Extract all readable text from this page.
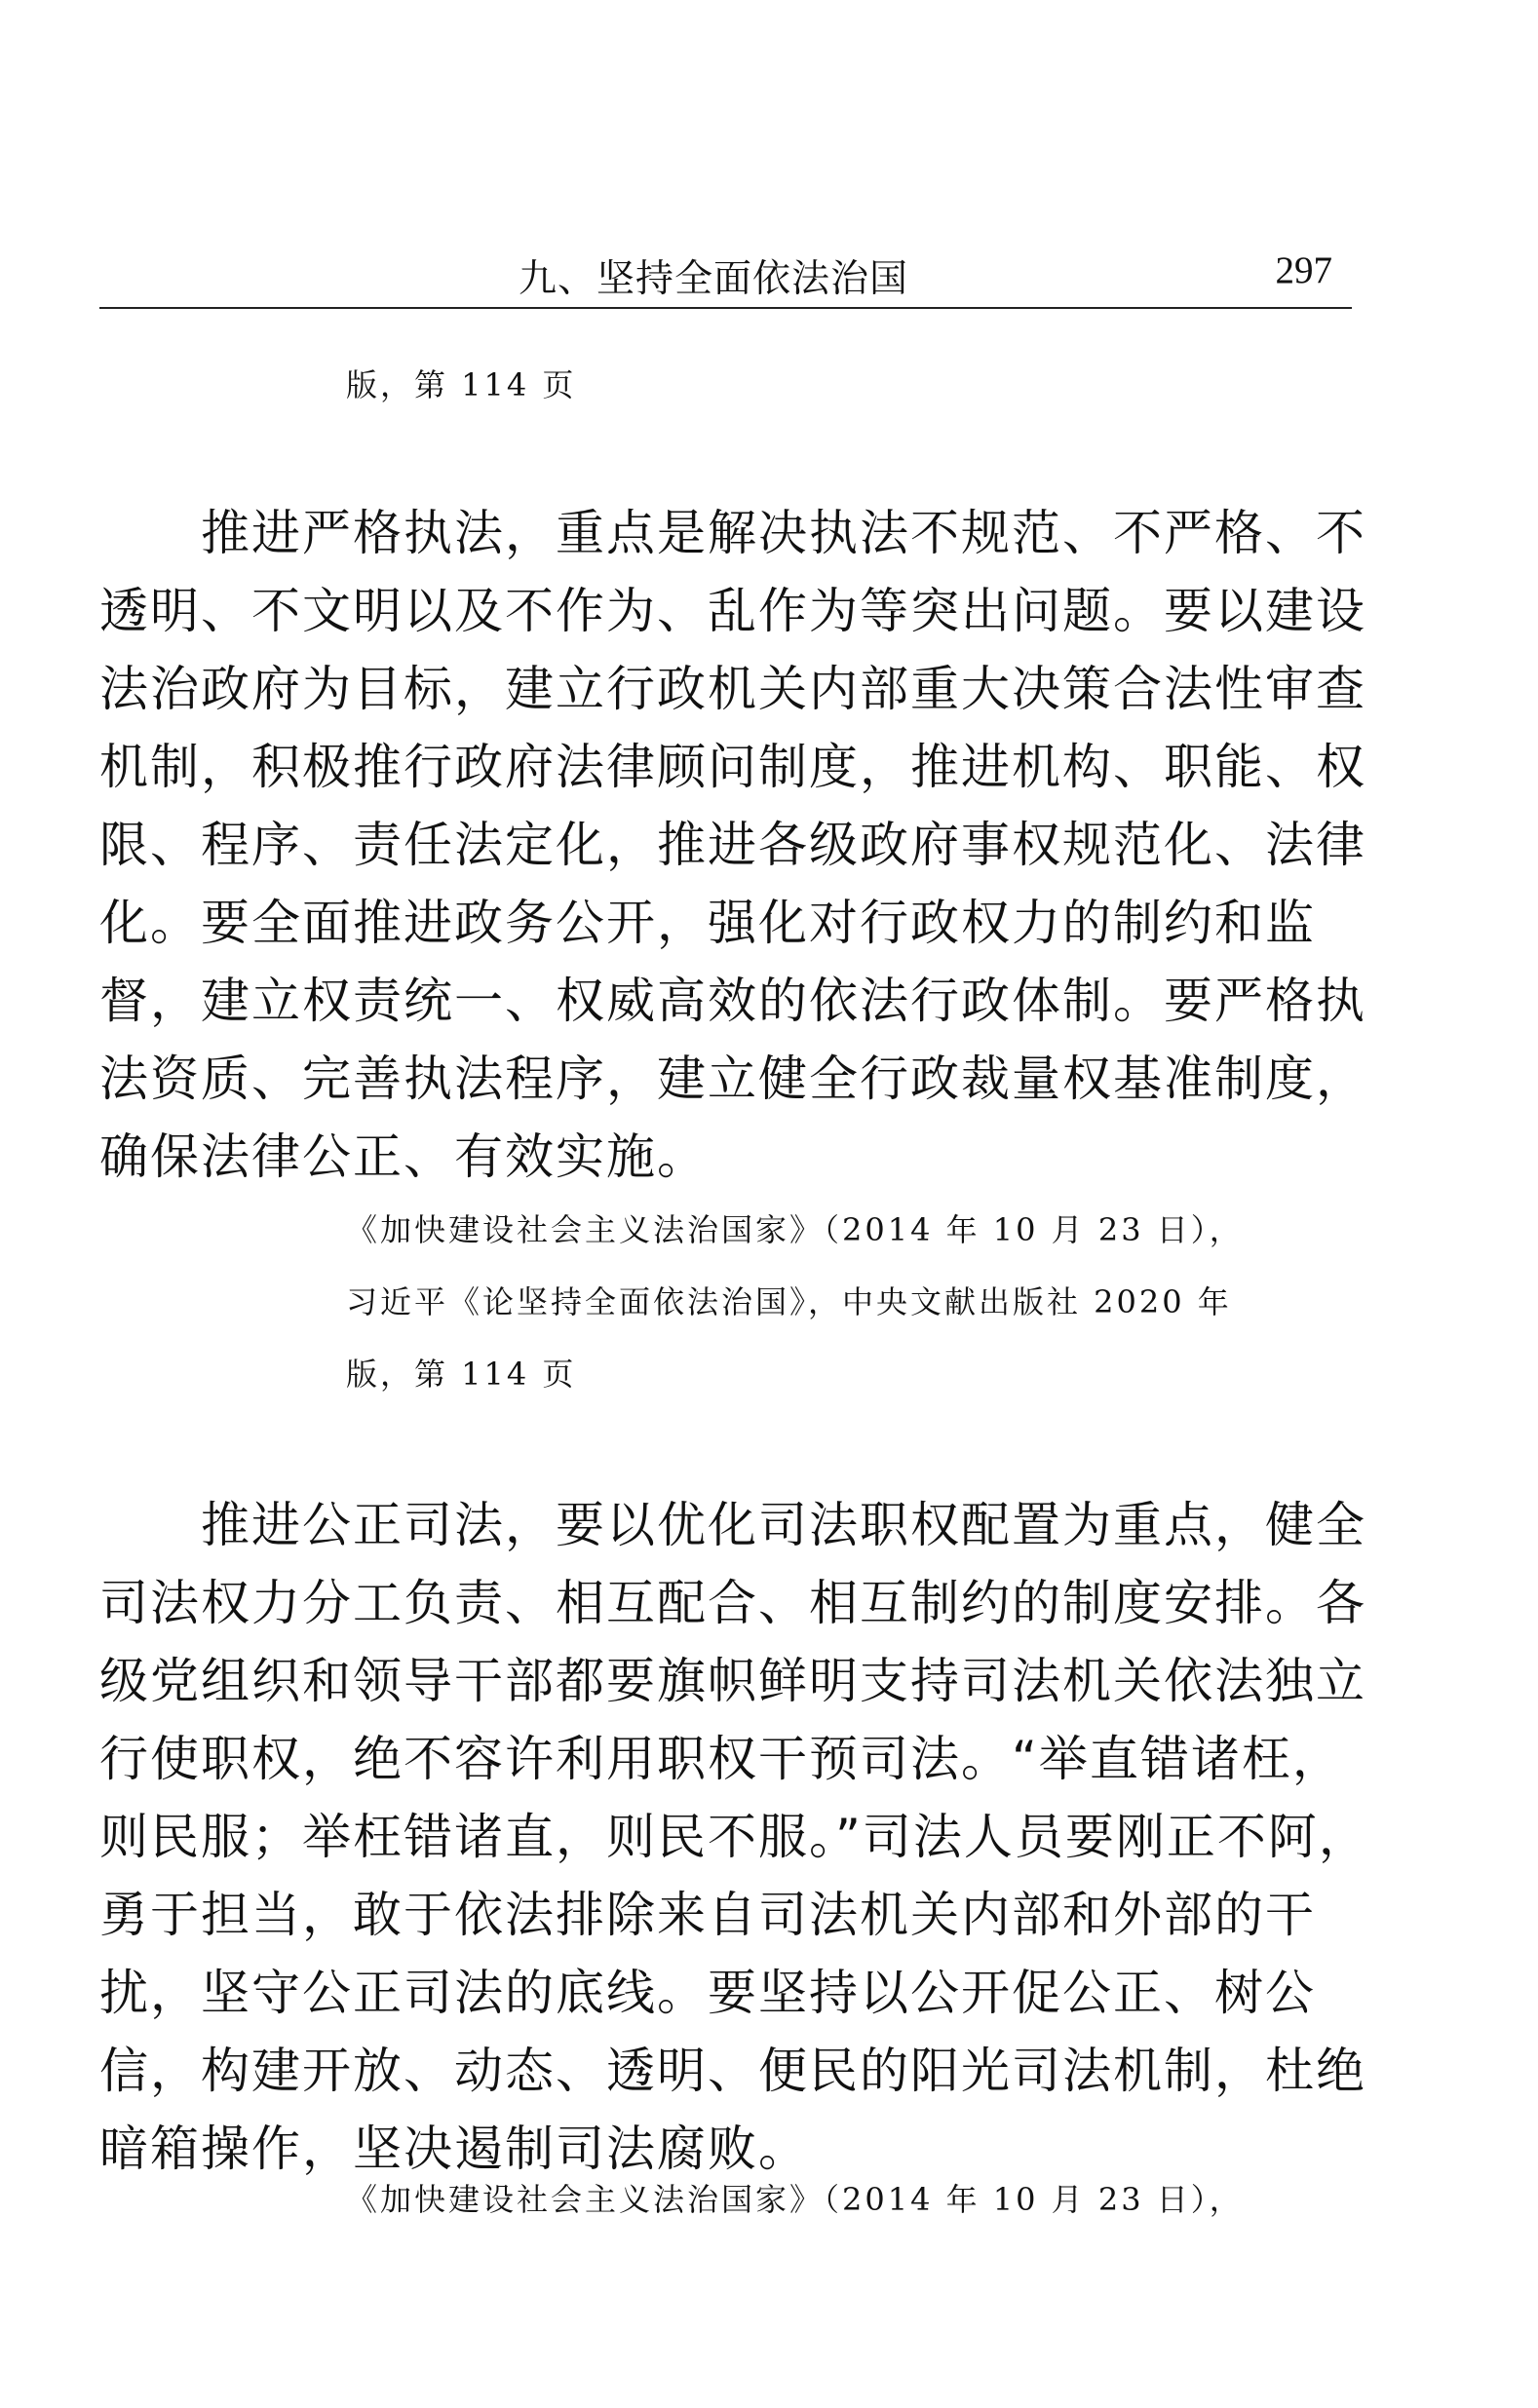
九、坚持全面依法治国	297
版，第 114 页
推进严格执法，重点是解决执法不规范、不严格、不
透明、不文明以及不作为、乱作为等突出问题。要以建设
法治政府为目标，建立行政机关内部重大决策合法性审查
机制，积极推行政府法律顾问制度，推进机构、职能、权
限、程序、责任法定化，推进各级政府事权规范化、法律
化。要全面推进政务公开，强化对行政权力的制约和监
督，建立权责统一、权威高效的依法行政体制。要严格执
法资质、完善执法程序，建立健全行政裁量权基准制度，
确保法律公正、有效实施。
《加快建设社会主义法治国家》（2014 年 10 月 23 日），
习近平《论坚持全面依法治国》，中央文献出版社 2020 年
版，第 114 页
推进公正司法，要以优化司法职权配置为重点，健全
司法权力分工负责、相互配合、相互制约的制度安排。各
级党组织和领导干部都要旗帜鲜明支持司法机关依法独立
行使职权，绝不容许利用职权干预司法。“举直错诸枉，
则民服；举枉错诸直，则民不服。”司法人员要刚正不阿，
勇于担当，敢于依法排除来自司法机关内部和外部的干
扰，坚守公正司法的底线。要坚持以公开促公正、树公
信，构建开放、动态、透明、便民的阳光司法机制，杜绝
暗箱操作，坚决遏制司法腐败。
《加快建设社会主义法治国家》（2014 年 10 月 23 日），
